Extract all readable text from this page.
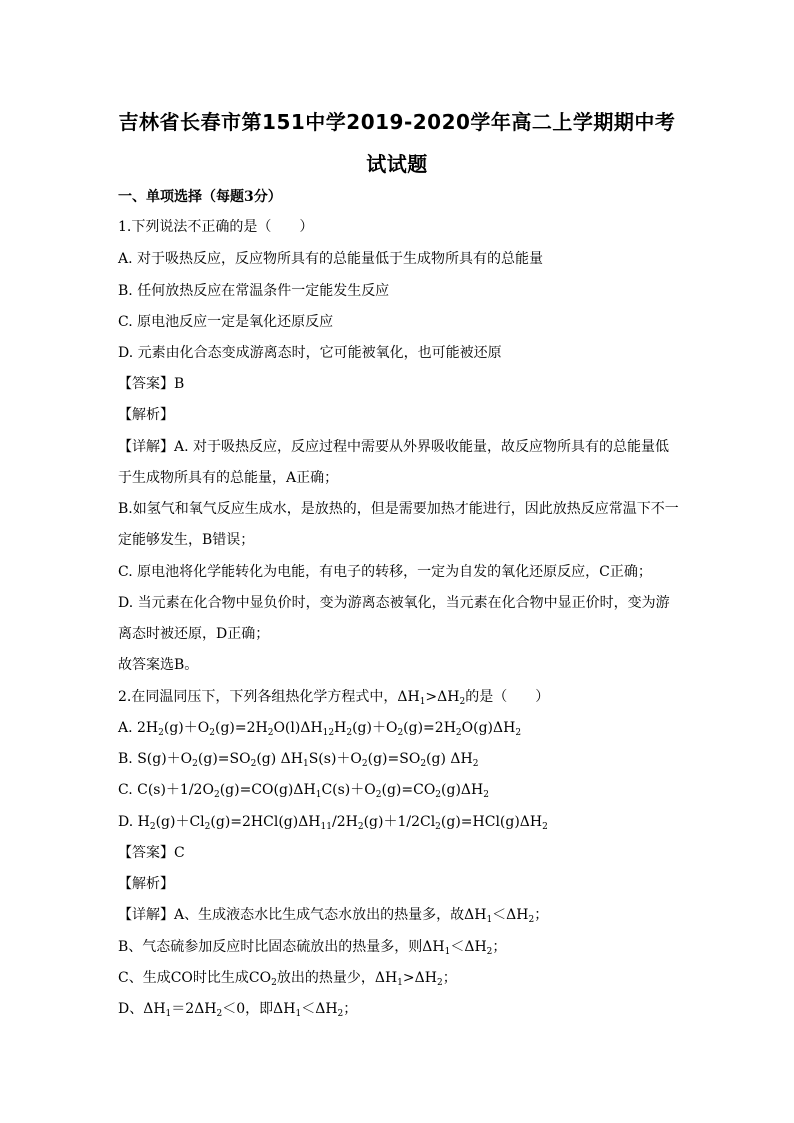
吉林省长春市第151中学2019-2020学年高二上学期期中考
试试题
一、单项选择（每题3分）
1.下列说法不正确的是（　　）
A. 对于吸热反应，反应物所具有的总能量低于生成物所具有的总能量
B. 任何放热反应在常温条件一定能发生反应
C. 原电池反应一定是氧化还原反应
D. 元素由化合态变成游离态时，它可能被氧化，也可能被还原
【答案】B
【解析】
【详解】A. 对于吸热反应，反应过程中需要从外界吸收能量，故反应物所具有的总能量低
于生成物所具有的总能量，A正确；
B.如氢气和氧气反应生成水，是放热的，但是需要加热才能进行，因此放热反应常温下不一
定能够发生，B错误；
C. 原电池将化学能转化为电能，有电子的转移，一定为自发的氧化还原反应，C正确；
D. 当元素在化合物中显负价时，变为游离态被氧化，当元素在化合物中显正价时，变为游
离态时被还原，D正确；
故答案选B。
2.在同温同压下，下列各组热化学方程式中，$\Delta H_1>\Delta H_2$的是（　　）
A. $2H_2(g)+O_2(g)=2H_2O(l)\Delta H_{12}H_2(g)+O_2(g)=2H_2O(g)\Delta H_2$
B. $S(g)+O_2(g)=SO_2(g)$ $\Delta H_1S(s)+O_2(g)=SO_2(g)$ $\Delta H_2$
C. $C(s)+1/2O_2(g)=CO(g)\Delta H_1C(s)+O_2(g)=CO_2(g)\Delta H_2$
D. $H_2(g)+Cl_2(g)=2HCl(g)\Delta H_{11}/2H_2(g)+1/2Cl_2(g)=HCl(g)\Delta H_2$
【答案】C
【解析】
【详解】A、生成液态水比生成气态水放出的热量多，故$\Delta H_1<\Delta H_2$；
B、气态硫参加反应时比固态硫放出的热量多，则$\Delta H_1<\Delta H_2$；
C、生成CO时比生成$CO_2$放出的热量少，$\Delta H_1>\Delta H_2$；
D、$\Delta H_1=2\Delta H_2<0$，即$\Delta H_1<\Delta H_2$；
